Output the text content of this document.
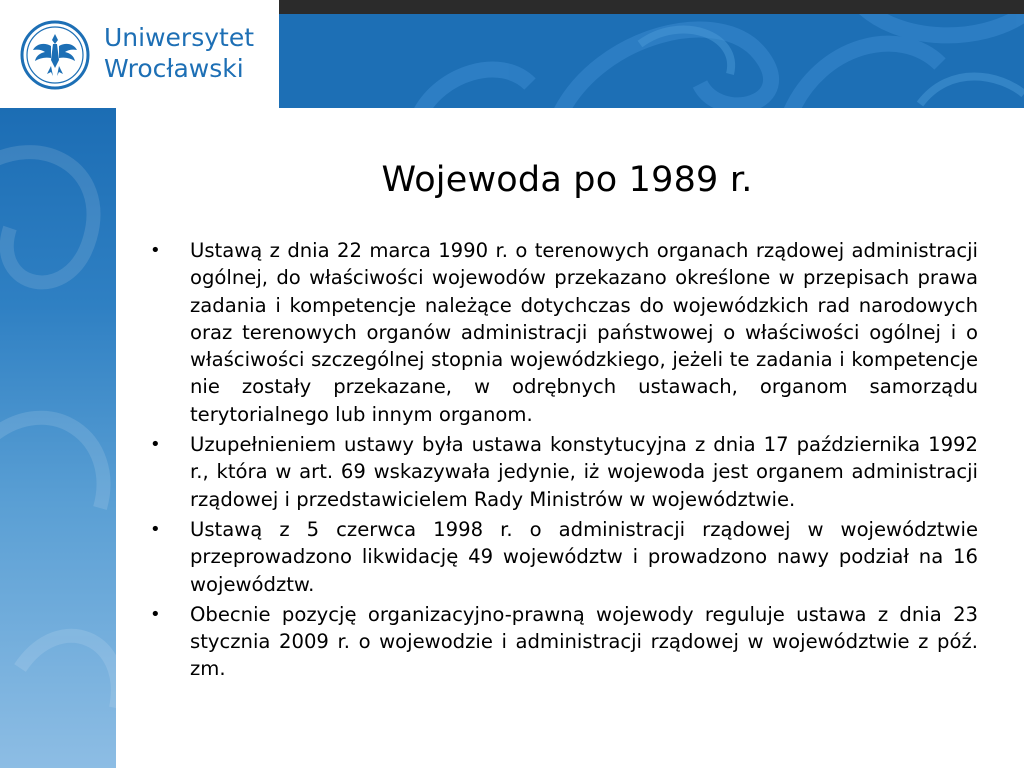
Uniwersytet
Wrocławski
Wojewoda po 1989 r.
• Ustawą z dnia 22 marca 1990 r. o terenowych organach rządowej administracji ogólnej, do właściwości wojewodów przekazano określone w przepisach prawa zadania i kompetencje należące dotychczas do wojewódzkich rad narodowych oraz terenowych organów administracji państwowej o właściwości ogólnej i o właściwości szczególnej stopnia wojewódzkiego, jeżeli te zadania i kompetencje nie zostały przekazane, w odrębnych ustawach, organom samorządu terytorialnego lub innym organom.
• Uzupełnieniem ustawy była ustawa konstytucyjna z dnia 17 października 1992 r., która w art. 69 wskazywała jedynie, iż wojewoda jest organem administracji rządowej i przedstawicielem Rady Ministrów w województwie.
• Ustawą z 5 czerwca 1998 r. o administracji rządowej w województwie przeprowadzono likwidację 49 województw i prowadzono nawy podział na 16 województw.
• Obecnie pozycję organizacyjno-prawną wojewody reguluje ustawa z dnia 23 stycznia 2009 r. o wojewodzie i administracji rządowej w województwie z póź. zm.
